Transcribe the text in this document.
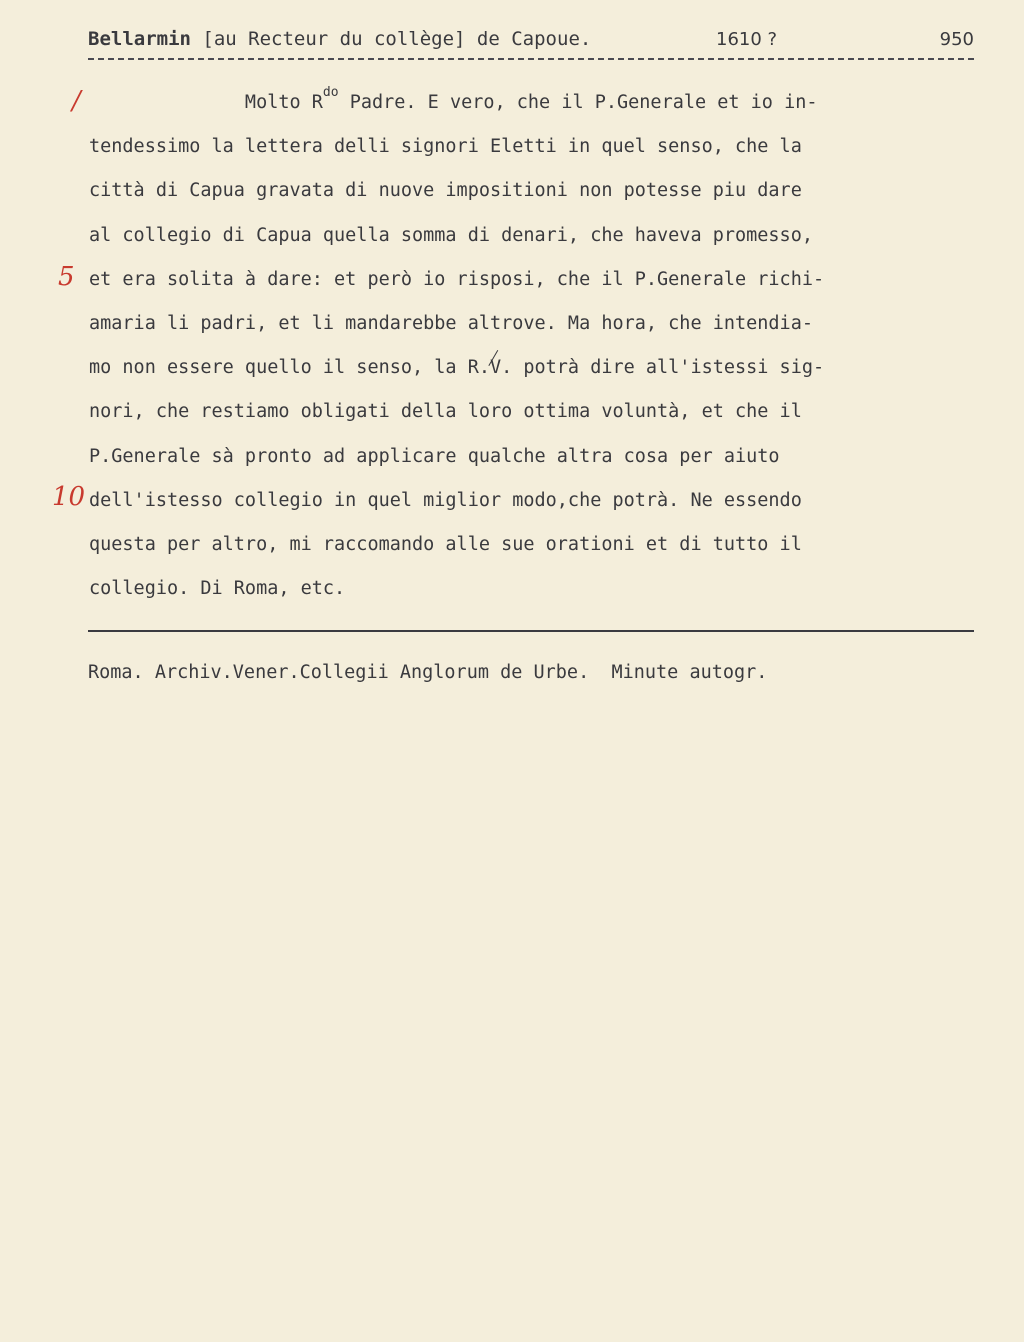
Bellarmin [au Recteur du collège] de Capoue.	1610 ?	950
/
5
10
Molto $R^{do}$ Padre. E vero, che il P.Generale et io in-
tendessimo la lettera delli signori Eletti in quel senso, che la
città di Capua gravata di nuove impositioni non potesse piu dare
al collegio di Capua quella somma di denari, che haveva promesso,
et era solita à dare: et però io risposi, che il P.Generale richi-
amaria li padri, et li mandarebbe altrove. Ma hora, che intendia-
mo non essere quello il senso, la R.V. potrà dire all'istessi sig-
nori, che restiamo obligati della loro ottima voluntà, et che il
P.Generale sà pronto ad applicare qualche altra cosa per aiuto
dell'istesso collegio in quel miglior modo,che potrà. Ne essendo
questa per altro, mi raccomando alle sue orationi et di tutto il
collegio. Di Roma, etc.
Roma. Archiv.Vener.Collegii Anglorum de Urbe.  Minute autogr.
